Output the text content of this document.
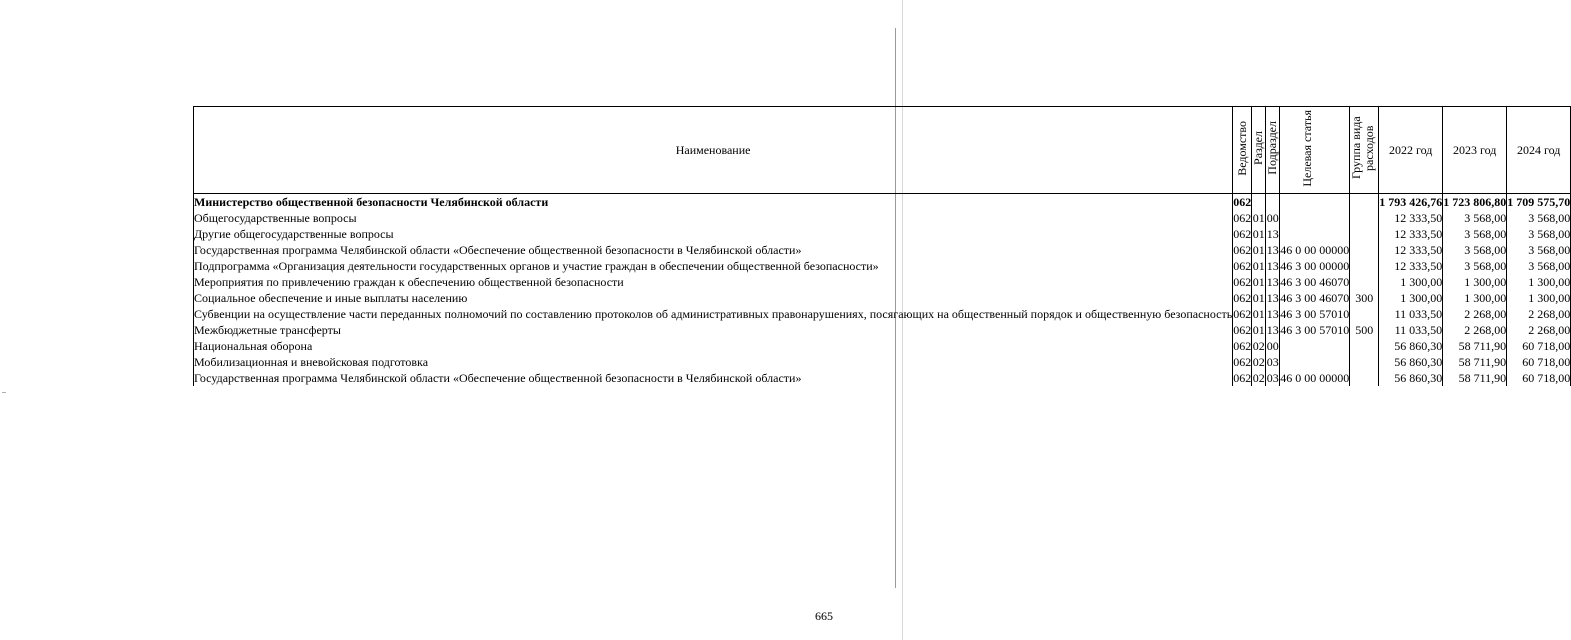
Наименование	Ведомство	Раздел	Подраздел	Целевая статья	Группа вида расходов	2022 год	2023 год	2024 год
Министерство общественной безопасности Челябинской области	062					1 793 426,76	1 723 806,80	1 709 575,70
Общегосударственные вопросы	062	01	00			12 333,50	3 568,00	3 568,00
Другие общегосударственные вопросы	062	01	13			12 333,50	3 568,00	3 568,00
Государственная программа Челябинской области «Обеспечение общественной безопасности в Челябинской области»	062	01	13	46 0 00 00000		12 333,50	3 568,00	3 568,00
Подпрограмма «Организация деятельности государственных органов и участие граждан в обеспечении общественной безопасности»	062	01	13	46 3 00 00000		12 333,50	3 568,00	3 568,00
Мероприятия по привлечению граждан к обеспечению общественной безопасности	062	01	13	46 3 00 46070		1 300,00	1 300,00	1 300,00
Социальное обеспечение и иные выплаты населению	062	01	13	46 3 00 46070	300	1 300,00	1 300,00	1 300,00
Субвенции на осуществление части переданных полномочий по составлению протоколов об административных правонарушениях, посягающих на общественный порядок и общественную безопасность	062	01	13	46 3 00 57010		11 033,50	2 268,00	2 268,00
Межбюджетные трансферты	062	01	13	46 3 00 57010	500	11 033,50	2 268,00	2 268,00
Национальная оборона	062	02	00			56 860,30	58 711,90	60 718,00
Мобилизационная и вневойсковая подготовка	062	02	03			56 860,30	58 711,90	60 718,00
Государственная программа Челябинской области «Обеспечение общественной безопасности в Челябинской области»	062	02	03	46 0 00 00000		56 860,30	58 711,90	60 718,00
665
